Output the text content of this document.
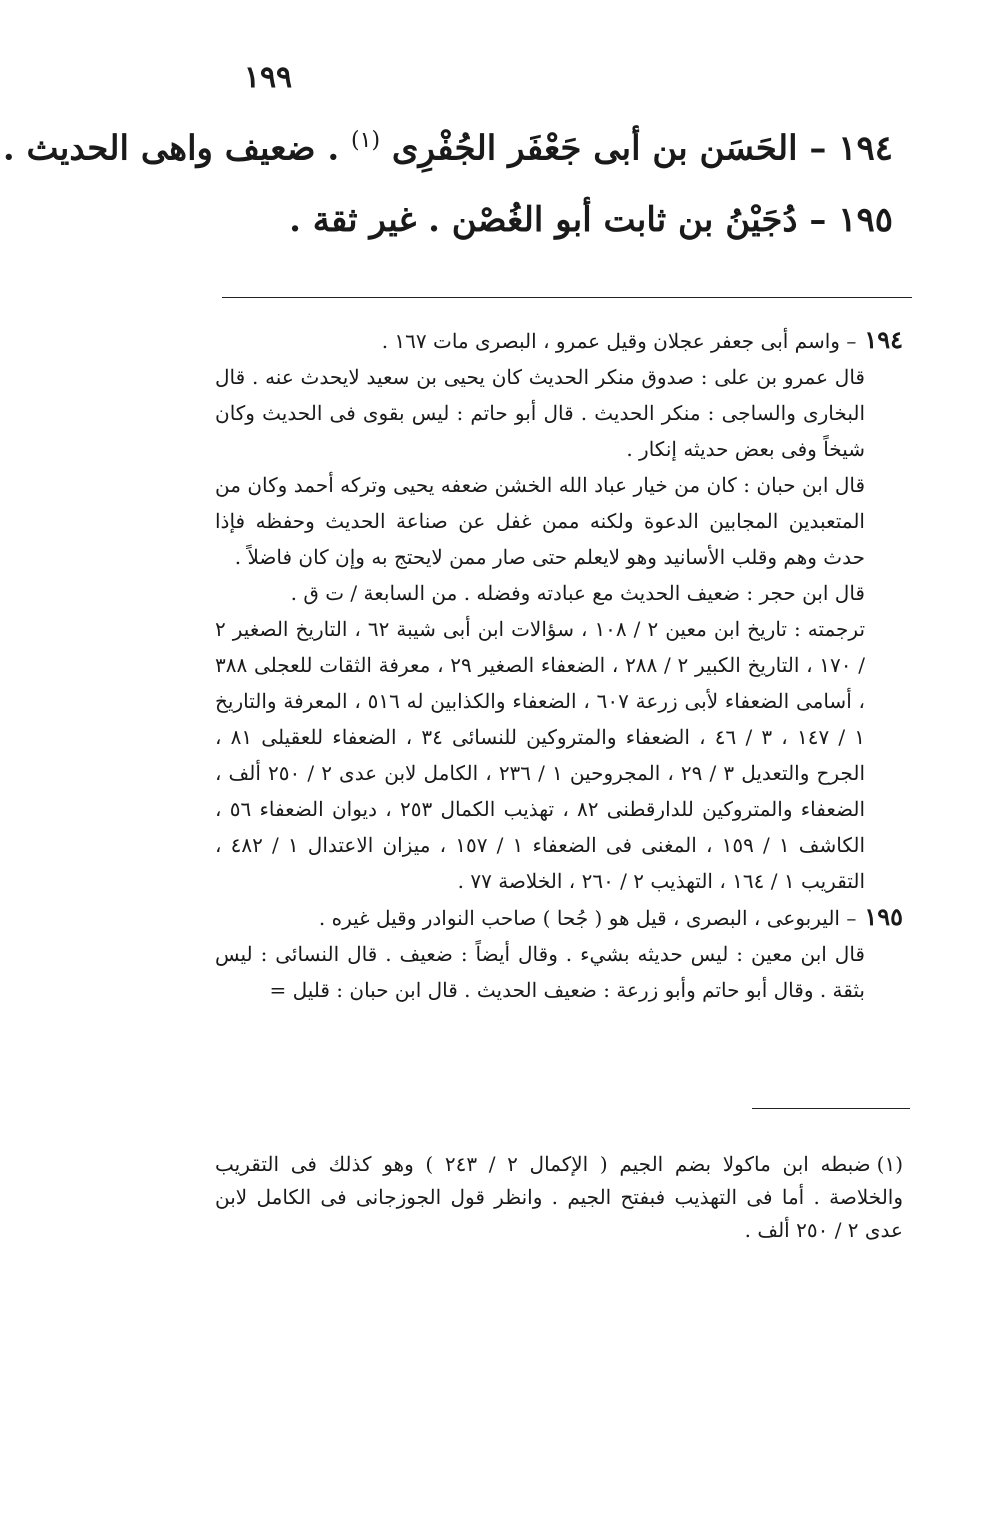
١٩٩
١٩٤ – الحَسَن بن أبى جَعْفَر الجُفْرِى $^{(١)}$ . ضعيف واهى الحديث .
١٩٥ – دُجَيْنُ بن ثابت أبو الغُصْن . غير ثقة .
١٩٤– واسم أبى جعفر عجلان وقيل عمرو ، البصرى مات ١٦٧ .
قال عمرو بن على : صدوق منكر الحديث كان يحيى بن سعيد لايحدث عنه . قال البخارى والساجى : منكر الحديث . قال أبو حاتم : ليس بقوى فى الحديث وكان شيخاً وفى بعض حديثه إنكار .
قال ابن حبان : كان من خيار عباد الله الخشن ضعفه يحيى وتركه أحمد وكان من المتعبدين المجابين الدعوة ولكنه ممن غفل عن صناعة الحديث وحفظه فإذا حدث وهم وقلب الأسانيد وهو لايعلم حتى صار ممن لايحتج به وإن كان فاضلاً .
قال ابن حجر : ضعيف الحديث مع عبادته وفضله . من السابعة / ت ق .
ترجمته : تاريخ ابن معين ٢ / ١٠٨ ، سؤالات ابن أبى شيبة ٦٢ ، التاريخ الصغير ٢ / ١٧٠ ، التاريخ الكبير ٢ / ٢٨٨ ، الضعفاء الصغير ٢٩ ، معرفة الثقات للعجلى ٣٨٨ ، أسامى الضعفاء لأبى زرعة ٦٠٧ ، الضعفاء والكذابين له ٥١٦ ، المعرفة والتاريخ ١ / ١٤٧ ، ٣ / ٤٦ ، الضعفاء والمتروكين للنسائى ٣٤ ، الضعفاء للعقيلى ٨١ ، الجرح والتعديل ٣ / ٢٩ ، المجروحين ١ / ٢٣٦ ، الكامل لابن عدى ٢ / ٢٥٠ ألف ، الضعفاء والمتروكين للدارقطنى ٨٢ ، تهذيب الكمال ٢٥٣ ، ديوان الضعفاء ٥٦ ، الكاشف ١ / ١٥٩ ، المغنى فى الضعفاء ١ / ١٥٧ ، ميزان الاعتدال ١ / ٤٨٢ ، التقريب ١ / ١٦٤ ، التهذيب ٢ / ٢٦٠ ، الخلاصة ٧٧ .
١٩٥– اليربوعى ، البصرى ، قيل هو ( جُحا ) صاحب النوادر وقيل غيره .
قال ابن معين : ليس حديثه بشيء . وقال أيضاً : ضعيف . قال النسائى : ليس بثقة . وقال أبو حاتم وأبو زرعة : ضعيف الحديث . قال ابن حبان : قليل =
(١)ضبطه ابن ماكولا بضم الجيم ( الإكمال ٢ / ٢٤٣ ) وهو كذلك فى التقريب والخلاصة . أما فى التهذيب فبفتح الجيم . وانظر قول الجوزجانى فى الكامل لابن عدى ٢ / ٢٥٠ ألف .
